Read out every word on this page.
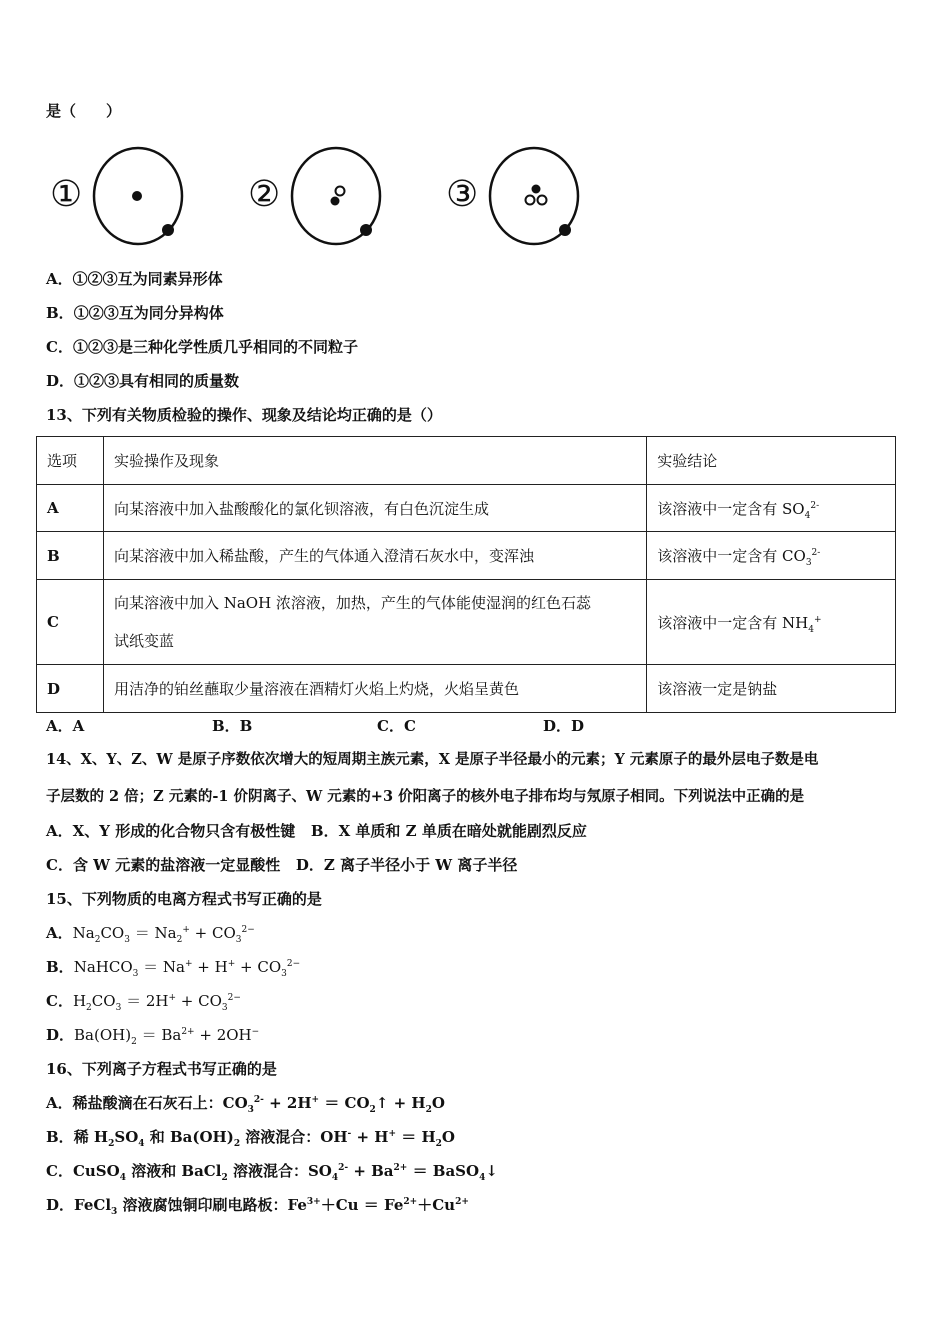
是（　　）
①	②	③
A．①②③互为同素异形体
B．①②③互为同分异构体
C．①②③是三种化学性质几乎相同的不同粒子
D．①②③具有相同的质量数
13、下列有关物质检验的操作、现象及结论均正确的是（）
选项	实验操作及现象	实验结论
A	向某溶液中加入盐酸酸化的氯化钡溶液，有白色沉淀生成	该溶液中一定含有 $SO_4^{2-}$
B	向某溶液中加入稀盐酸，产生的气体通入澄清石灰水中，变浑浊	该溶液中一定含有 $CO_3^{2-}$
C	向某溶液中加入 NaOH 浓溶液，加热，产生的气体能使湿润的红色石蕊
试纸变蓝	该溶液中一定含有 $NH_4^+$
D	用洁净的铂丝蘸取少量溶液在酒精灯火焰上灼烧，火焰呈黄色	该溶液一定是钠盐
A．A	B．B	C．C	D．D
14、X、Y、Z、W 是原子序数依次增大的短周期主族元素，X 是原子半径最小的元素；Y 元素原子的最外层电子数是电
子层数的 2 倍；Z 元素的-1 价阴离子、W 元素的+3 价阳离子的核外电子排布均与氖原子相同。下列说法中正确的是
A．X、Y 形成的化合物只含有极性键 B．X 单质和 Z 单质在暗处就能剧烈反应
C．含 W 元素的盐溶液一定显酸性 D．Z 离子半径小于 W 离子半径
15、下列物质的电离方程式书写正确的是
A．$Na_2CO_3 = Na_2^+ + CO_3^{2-}$
B．NaHCO$_3$ ＝ $Na^+ + H^+ + CO_3^{2-}$
C．$H_2CO_3 = 2H^+ + CO_3^{2-}$
D．$Ba(OH)_2 = Ba^{2+} + 2OH^-$
16、下列离子方程式书写正确的是
A．稀盐酸滴在石灰石上：$CO_3^{2-} + 2H^+$ ＝ $CO_2↑ + H_2O$
B．稀 $H_2SO_4$ 和 $Ba(OH)_2$ 溶液混合：$OH^- + H^+ = H_2O$
C．CuSO$_4$ 溶液和 BaCl$_2$ 溶液混合：$SO_4^{2-} + Ba^{2+}$ ＝ BaSO$_4$↓
D．FeCl$_3$ 溶液腐蚀铜印刷电路板：$Fe^{3+}+Cu = Fe^{2+}+Cu^{2+}$
